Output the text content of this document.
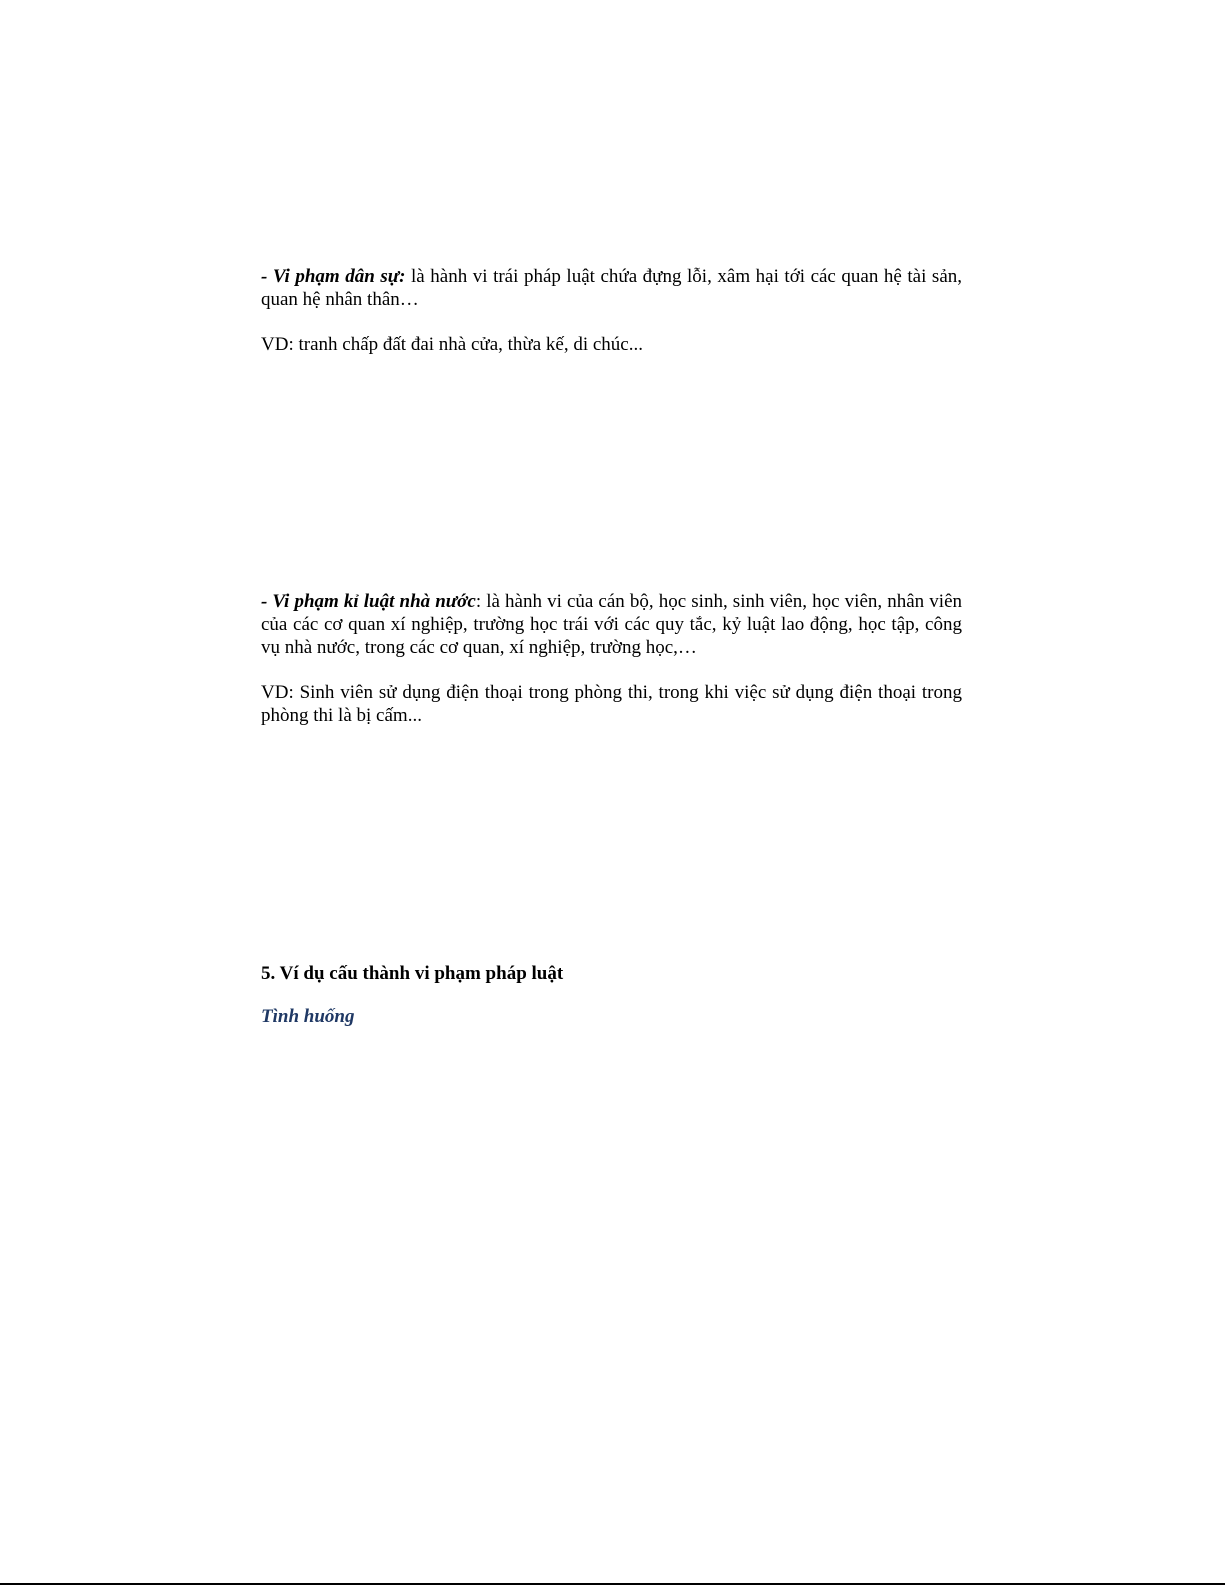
- Vi phạm dân sự: là hành vi trái pháp luật chứa đựng lỗi, xâm hại tới các quan hệ tài sản, quan hệ nhân thân…

VD: tranh chấp đất đai nhà cửa, thừa kế, di chúc...

- Vi phạm kỉ luật nhà nước: là hành vi của cán bộ, học sinh, sinh viên, học viên, nhân viên của các cơ quan xí nghiệp, trường học trái với các quy tắc, kỷ luật lao động, học tập, công vụ nhà nước, trong các cơ quan, xí nghiệp, trường học,…

VD: Sinh viên sử dụng điện thoại trong phòng thi, trong khi việc sử dụng điện thoại trong phòng thi là bị cấm...

5. Ví dụ cấu thành vi phạm pháp luật
Tình huống
